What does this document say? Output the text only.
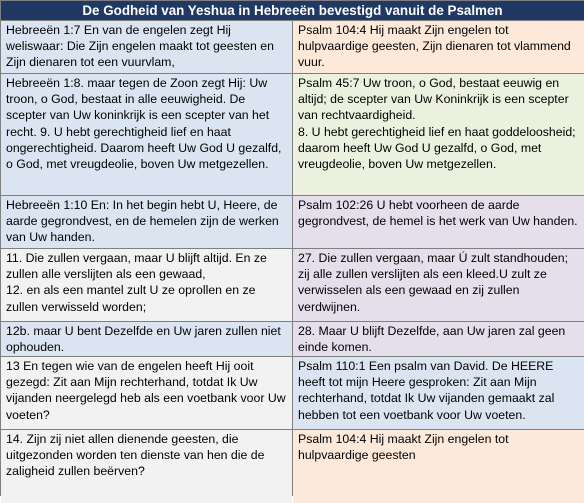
De Godheid van Yeshua in Hebreeën bevestigd vanuit de Psalmen
Hebreeën 1:7 En van de engelen zegt Hij weliswaar: Die Zijn engelen maakt tot geesten en Zijn dienaren tot een vuurvlam,
Psalm 104:4 Hij maakt Zijn engelen tot hulpvaardige geesten, Zijn dienaren tot vlammend vuur.
Hebreeën 1:8. maar tegen de Zoon zegt Hij: Uw troon, o God, bestaat in alle eeuwigheid. De scepter van Uw koninkrijk is een scepter van het recht. 9. U hebt gerechtigheid lief en haat ongerechtigheid. Daarom heeft Uw God U gezalfd, o God, met vreugdeolie, boven Uw metgezellen.
Psalm 45:7 Uw troon, o God, bestaat eeuwig en altijd; de scepter van Uw Koninkrijk is een scepter van rechtvaardigheid.
8. U hebt gerechtigheid lief en haat goddeloosheid; daarom heeft Uw God U gezalfd, o God, met vreugdeolie, boven Uw metgezellen.
Hebreeën 1:10 En: In het begin hebt U, Heere, de aarde gegrondvest, en de hemelen zijn de werken van Uw handen.
Psalm 102:26 U hebt voorheen de aarde gegrondvest, de hemel is het werk van Uw handen.
11. Die zullen vergaan, maar U blijft altijd. En ze zullen alle verslijten als een gewaad,
12. en als een mantel zult U ze oprollen en ze zullen verwisseld worden;
27. Die zullen vergaan, maar Ú zult standhouden; zij alle zullen verslijten als een kleed.U zult ze verwisselen als een gewaad en zij zullen verdwijnen.
12b. maar U bent Dezelfde en Uw jaren zullen niet ophouden.
28. Maar U blijft Dezelfde, aan Uw jaren zal geen einde komen.
13 En tegen wie van de engelen heeft Hij ooit gezegd: Zit aan Mijn rechterhand, totdat Ik Uw vijanden neergelegd heb als een voetbank voor Uw voeten?
Psalm 110:1 Een psalm van David. De HEERE heeft tot mijn Heere gesproken: Zit aan Mijn rechterhand, totdat Ik Uw vijanden gemaakt zal hebben tot een voetbank voor Uw voeten.
14. Zijn zij niet allen dienende geesten, die uitgezonden worden ten dienste van hen die de zaligheid zullen beërven?
Psalm 104:4 Hij maakt Zijn engelen tot hulpvaardige geesten
